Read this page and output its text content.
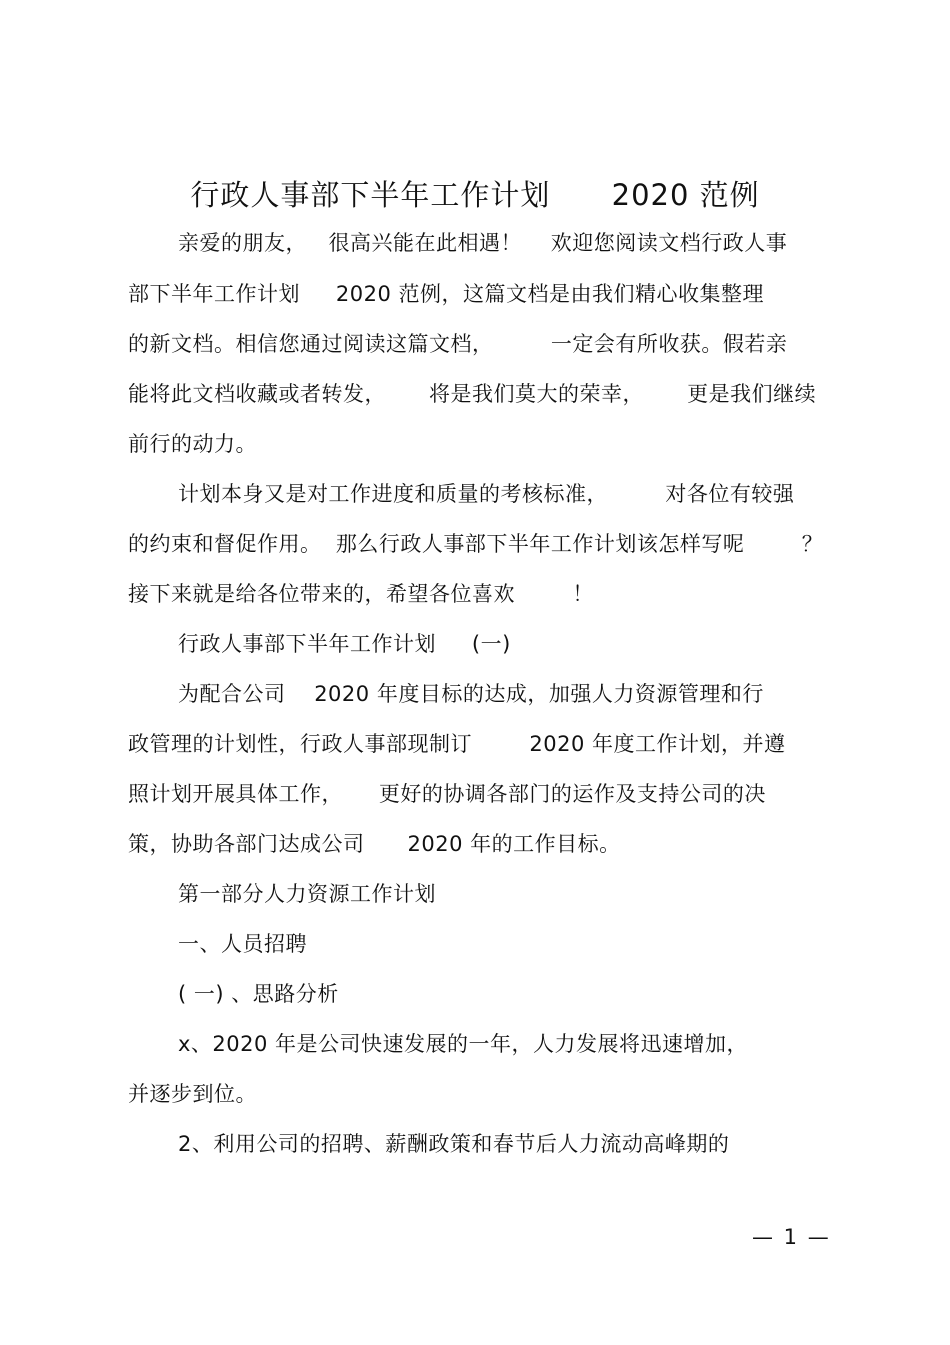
行政人事部下半年工作计划      2020 范例
亲爱的朋友，   很高兴能在此相遇！    欢迎您阅读文档行政人事
部下半年工作计划     2020 范例，这篇文档是由我们精心收集整理
的新文档。相信您通过阅读这篇文档，        一定会有所收获。假若亲
能将此文档收藏或者转发，      将是我们莫大的荣幸，      更是我们继续
前行的动力。
计划本身又是对工作进度和质量的考核标准，        对各位有较强
的约束和督促作用。  那么行政人事部下半年工作计划该怎样写呢        ？
接下来就是给各位带来的，希望各位喜欢        ！
行政人事部下半年工作计划     (一)
为配合公司    2020 年度目标的达成，加强人力资源管理和行
政管理的计划性，行政人事部现制订        2020 年度工作计划，并遵
照计划开展具体工作，     更好的协调各部门的运作及支持公司的决
策，协助各部门达成公司      2020 年的工作目标。
第一部分人力资源工作计划
一、人员招聘
( 一) 、思路分析
x、2020 年是公司快速发展的一年，人力发展将迅速增加，
并逐步到位。
2、利用公司的招聘、薪酬政策和春节后人力流动高峰期的
— 1 —
